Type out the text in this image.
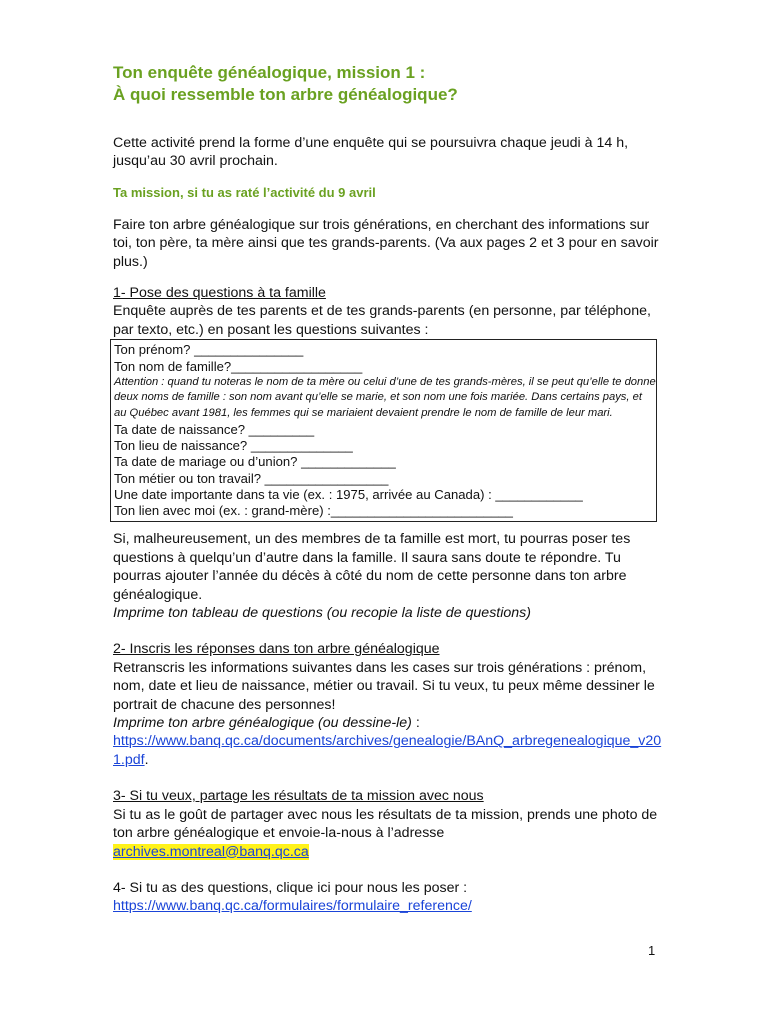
Ton enquête généalogique, mission 1 :
À quoi ressemble ton arbre généalogique?

Cette activité prend la forme d’une enquête qui se poursuivra chaque jeudi à 14 h, jusqu’au 30 avril prochain.

Ta mission, si tu as raté l’activité du 9 avril

Faire ton arbre généalogique sur trois générations, en cherchant des informations sur toi, ton père, ta mère ainsi que tes grands-parents. (Va aux pages 2 et 3 pour en savoir plus.)

1- Pose des questions à ta famille

Enquête auprès de tes parents et de tes grands-parents (en personne, par téléphone, par texto, etc.) en posant les questions suivantes :

Ton prénom? _______________
Ton nom de famille?__________________
Attention : quand tu noteras le nom de ta mère ou celui d’une de tes grands-mères, il se peut qu’elle te donne deux noms de famille : son nom avant qu’elle se marie, et son nom une fois mariée. Dans certains pays, et au Québec avant 1981, les femmes qui se mariaient devaient prendre le nom de famille de leur mari.
Ta date de naissance? _________
Ton lieu de naissance? ______________
Ta date de mariage ou d’union? _____________
Ton métier ou ton travail? _________________
Une date importante dans ta vie (ex. : 1975, arrivée au Canada) : ____________
Ton lien avec moi (ex. : grand-mère) :_________________________

Si, malheureusement, un des membres de ta famille est mort, tu pourras poser tes questions à quelqu’un d’autre dans la famille. Il saura sans doute te répondre. Tu pourras ajouter l’année du décès à côté du nom de cette personne dans ton arbre généalogique.

Imprime ton tableau de questions (ou recopie la liste de questions)

2- Inscris les réponses dans ton arbre généalogique

Retranscris les informations suivantes dans les cases sur trois générations : prénom, nom, date et lieu de naissance, métier ou travail. Si tu veux, tu peux même dessiner le portrait de chacune des personnes!

Imprime ton arbre généalogique (ou dessine-le) :

https://www.banq.qc.ca/documents/archives/genealogie/BAnQ_arbregenealogique_v201.pdf.

3- Si tu veux, partage les résultats de ta mission avec nous

Si tu as le goût de partager avec nous les résultats de ta mission, prends une photo de ton arbre généalogique et envoie-la-nous à l’adresse

archives.montreal@banq.qc.ca

4- Si tu as des questions, clique ici pour nous les poser :

https://www.banq.qc.ca/formulaires/formulaire_reference/

1
